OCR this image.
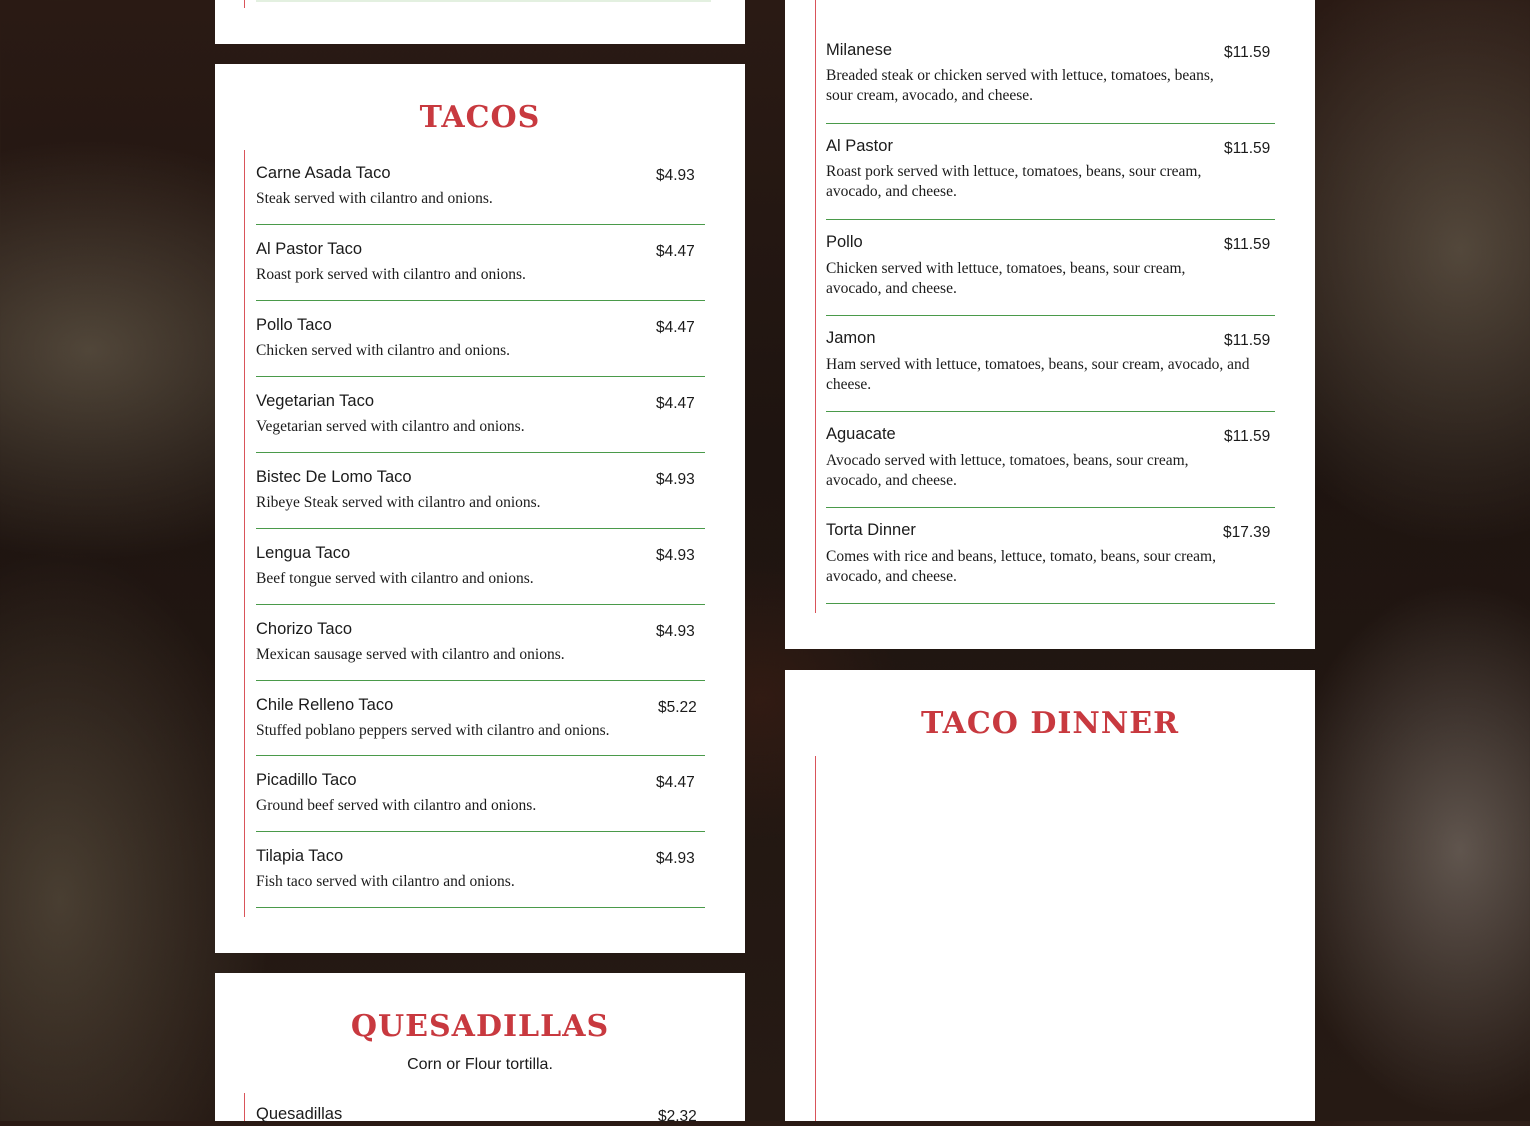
TACOS
Carne Asada Taco	$4.93
Steak served with cilantro and onions.
Al Pastor Taco	$4.47
Roast pork served with cilantro and onions.
Pollo Taco	$4.47
Chicken served with cilantro and onions.
Vegetarian Taco	$4.47
Vegetarian served with cilantro and onions.
Bistec De Lomo Taco	$4.93
Ribeye Steak served with cilantro and onions.
Lengua Taco	$4.93
Beef tongue served with cilantro and onions.
Chorizo Taco	$4.93
Mexican sausage served with cilantro and onions.
Chile Relleno Taco	$5.22
Stuffed poblano peppers served with cilantro and onions.
Picadillo Taco	$4.47
Ground beef served with cilantro and onions.
Tilapia Taco	$4.93
Fish taco served with cilantro and onions.
QUESADILLAS
Corn or Flour tortilla.
Quesadillas	$2.32
Milanese	$11.59
Breaded steak or chicken served with lettuce, tomatoes, beans, sour cream, avocado, and cheese.
Al Pastor	$11.59
Roast pork served with lettuce, tomatoes, beans, sour cream, avocado, and cheese.
Pollo	$11.59
Chicken served with lettuce, tomatoes, beans, sour cream, avocado, and cheese.
Jamon	$11.59
Ham served with lettuce, tomatoes, beans, sour cream, avocado, and cheese.
Aguacate	$11.59
Avocado served with lettuce, tomatoes, beans, sour cream, avocado, and cheese.
Torta Dinner	$17.39
Comes with rice and beans, lettuce, tomato, beans, sour cream, avocado, and cheese.
TACO DINNER
